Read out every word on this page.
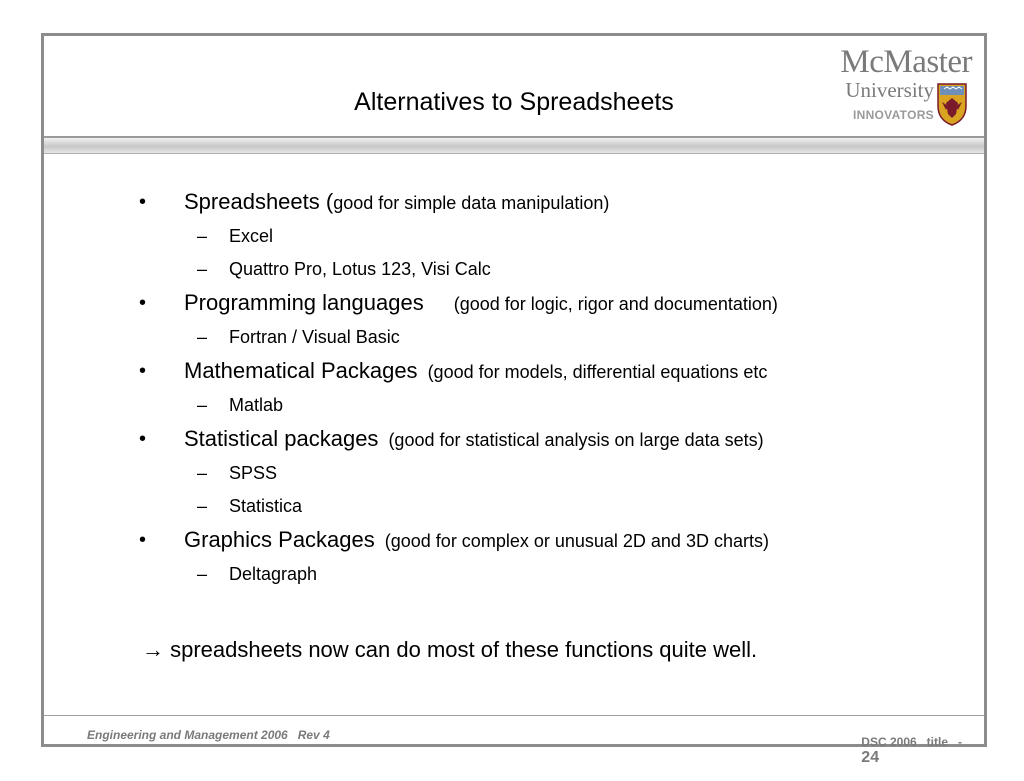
Alternatives to Spreadsheets
McMaster
University
INNOVATORS
• Spreadsheets (good for simple data manipulation)
– Excel
– Quattro Pro, Lotus 123, Visi Calc
• Programming languages (good for logic, rigor and documentation)
– Fortran / Visual Basic
• Mathematical Packages (good for models, differential equations etc
– Matlab
• Statistical packages (good for statistical analysis on large data sets)
– SPSS
– Statistica
• Graphics Packages (good for complex or unusual 2D and 3D charts)
– Deltagraph
→ spreadsheets now can do most of these functions quite well.
Engineering and Management 2006   Rev 4	DSC 2006   title   -
24
